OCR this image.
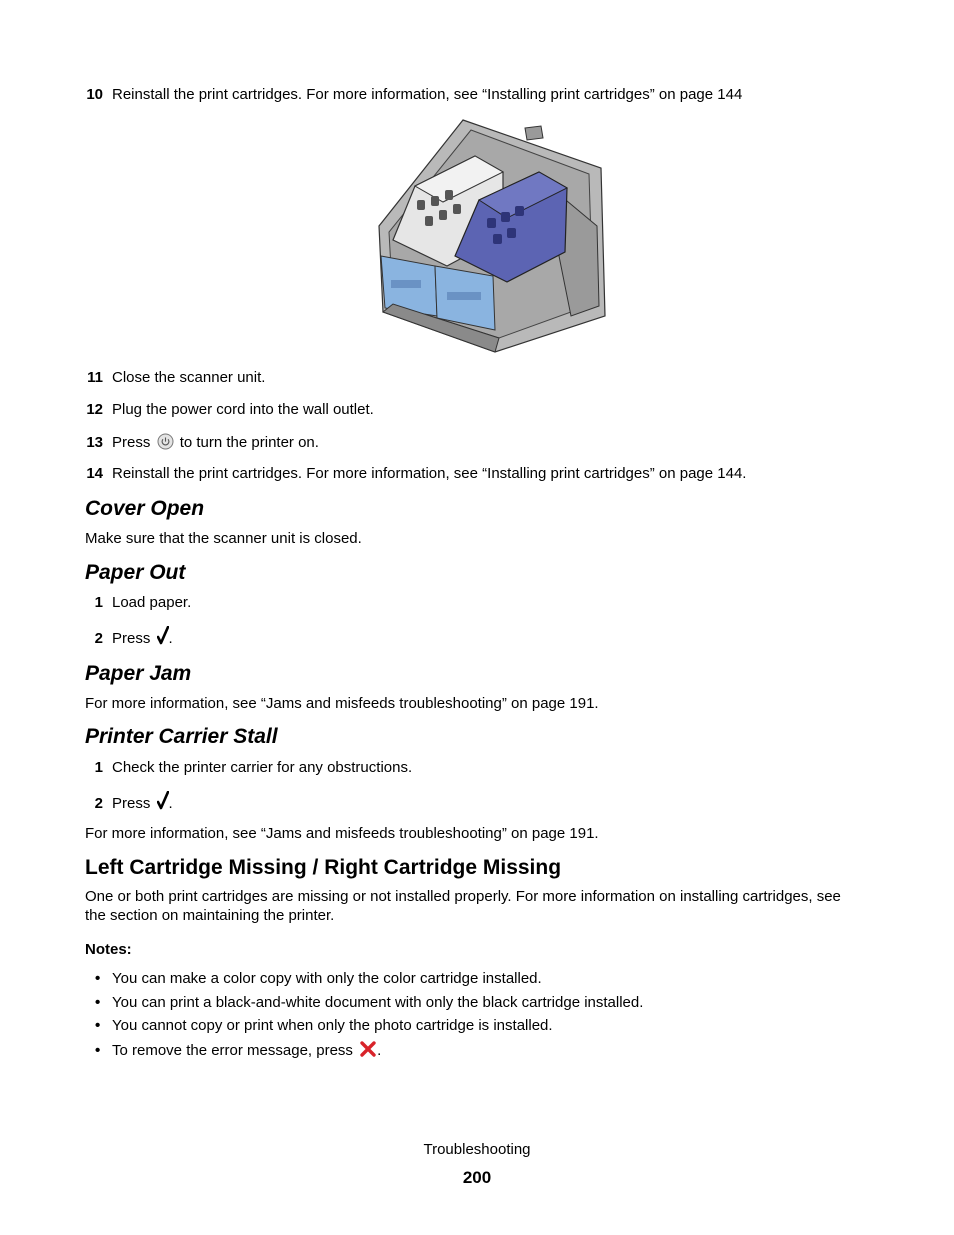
10 Reinstall the print cartridges. For more information, see “Installing print cartridges” on page 144
11 Close the scanner unit.
12 Plug the power cord into the wall outlet.
13 Press to turn the printer on.
14 Reinstall the print cartridges. For more information, see “Installing print cartridges” on page 144.
Cover Open
Make sure that the scanner unit is closed.
Paper Out
1 Load paper.
2 Press .
Paper Jam
For more information, see “Jams and misfeeds troubleshooting” on page 191.
Printer Carrier Stall
1 Check the printer carrier for any obstructions.
2 Press .
For more information, see “Jams and misfeeds troubleshooting” on page 191.
Left Cartridge Missing / Right Cartridge Missing
One or both print cartridges are missing or not installed properly. For more information on installing cartridges, see
the section on maintaining the printer.
Notes:
• You can make a color copy with only the color cartridge installed.
• You can print a black-and-white document with only the black cartridge installed.
• You cannot copy or print when only the photo cartridge is installed.
• To remove the error message, press .
Troubleshooting
200
